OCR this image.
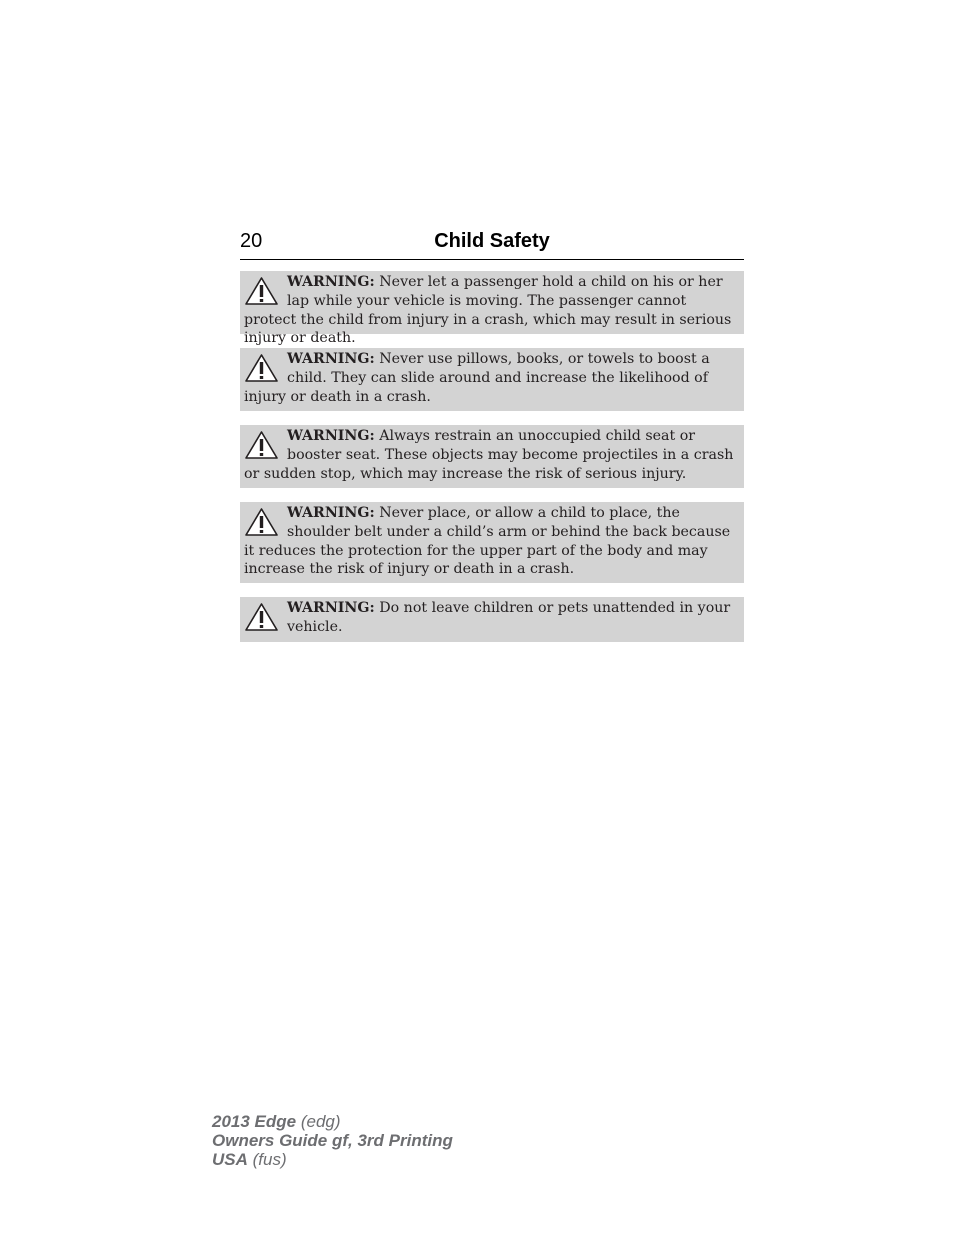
20	Child Safety
WARNING: Never let a passenger hold a child on his or her lap while your vehicle is moving. The passenger cannot protect the child from injury in a crash, which may result in serious injury or death.
WARNING: Never use pillows, books, or towels to boost a child. They can slide around and increase the likelihood of injury or death in a crash.
WARNING: Always restrain an unoccupied child seat or booster seat. These objects may become projectiles in a crash or sudden stop, which may increase the risk of serious injury.
WARNING: Never place, or allow a child to place, the shoulder belt under a child’s arm or behind the back because it reduces the protection for the upper part of the body and may increase the risk of injury or death in a crash.
WARNING: Do not leave children or pets unattended in your vehicle.
2013 Edge (edg)
Owners Guide gf, 3rd Printing
USA (fus)
